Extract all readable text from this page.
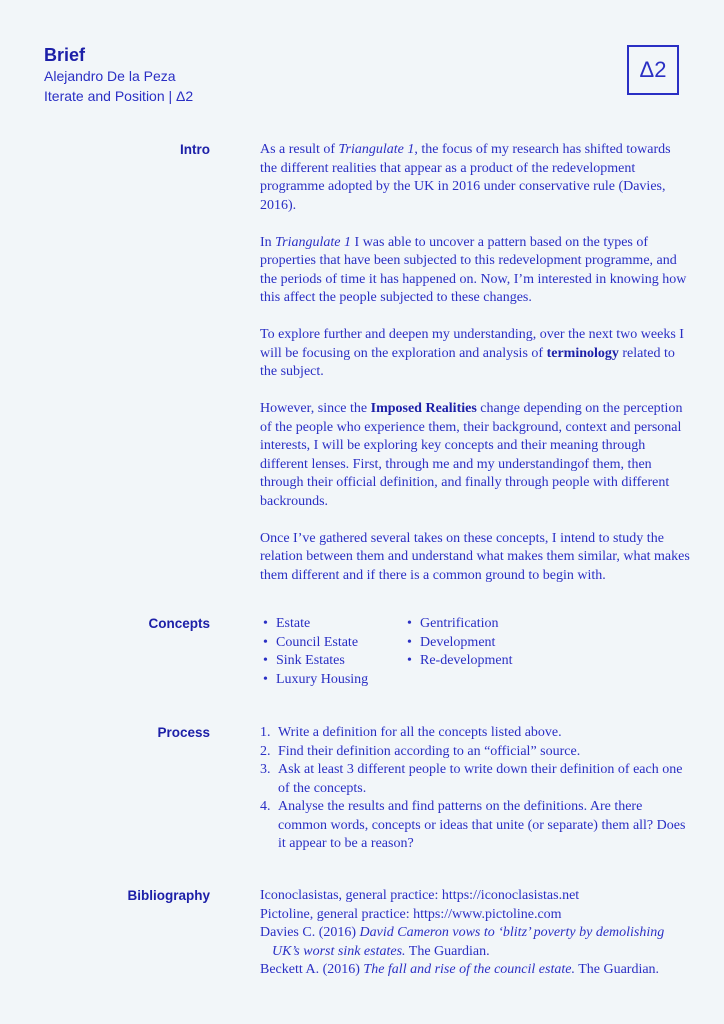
Brief
Alejandro De la Peza
Iterate and Position | Δ2
Δ2
Intro	As a result of Triangulate 1, the focus of my research has shifted towards the different realities that appear as a product of the redevelopment programme adopted by the UK in 2016 under conservative rule (Davies, 2016).

In Triangulate 1 I was able to uncover a pattern based on the types of properties that have been subjected to this redevelopment programme, and the periods of time it has happened on. Now, I’m interested in knowing how this affect the people subjected to these changes.

To explore further and deepen my understanding, over the next two weeks I will be focusing on the exploration and analysis of terminology related to the subject.

However, since the Imposed Realities change depending on the perception of the people who experience them, their background, context and personal interests, I will be exploring key concepts and their meaning through different lenses. First, through me and my understandingof them, then through their official definition, and finally through people with different backrounds.

Once I’ve gathered several takes on these concepts, I intend to study the relation between them and understand what makes them similar, what makes them different and if there is a common ground to begin with.

Concepts	• Estate
• Council Estate
• Sink Estates
• Luxury Housing
• Gentrification
• Development
• Re-development
Process	1. Write a definition for all the concepts listed above.
2. Find their definition according to an “official” source.
3. Ask at least 3 different people to write down their definition of each one of the concepts.
4. Analyse the results and find patterns on the definitions. Are there common words, concepts or ideas that unite (or separate) them all? Does it appear to be a reason?
Bibliography	Iconoclasistas, general practice: https://iconoclasistas.net
Pictoline, general practice: https://www.pictoline.com
Davies C. (2016) David Cameron vows to ‘blitz’ poverty by demolishing UK’s worst sink estates. The Guardian.
Beckett A. (2016) The fall and rise of the council estate. The Guardian.
